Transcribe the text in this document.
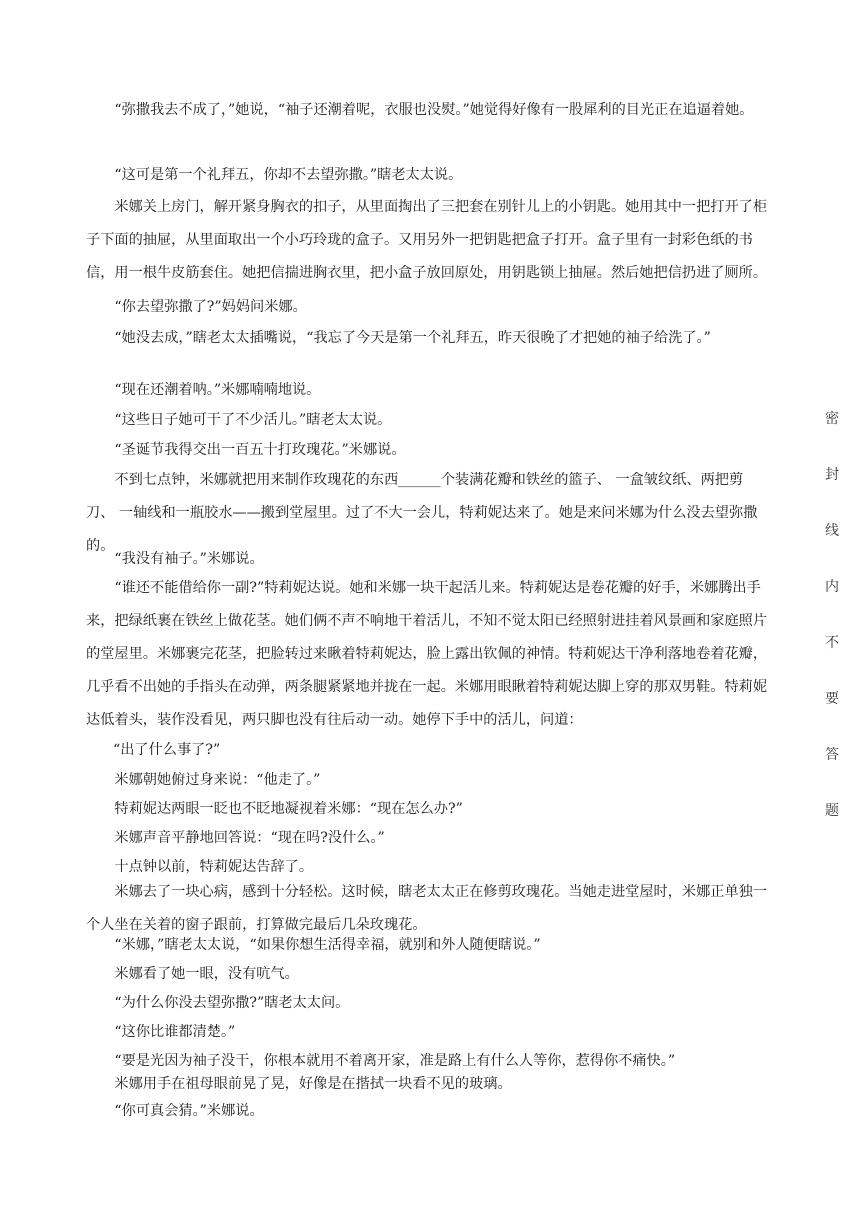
“弥撒我去不成了，”她说，“袖子还潮着呢，衣服也没熨。”她觉得好像有一股犀利的目光正在追逼着她。

“这可是第一个礼拜五，你却不去望弥撒。”瞎老太太说。

米娜关上房门，解开紧身胸衣的扣子，从里面掏出了三把套在别针儿上的小钥匙。她用其中一把打开了柜子下面的抽屉，从里面取出一个小巧玲珑的盒子。又用另外一把钥匙把盒子打开。盒子里有一封彩色纸的书信，用一根牛皮筋套住。她把信揣进胸衣里，把小盒子放回原处，用钥匙锁上抽屉。然后她把信扔进了厕所。

“你去望弥撒了?”妈妈问米娜。

“她没去成，”瞎老太太插嘴说，“我忘了今天是第一个礼拜五，昨天很晚了才把她的袖子给洗了。”

“现在还潮着呐。”米娜喃喃地说。

“这些日子她可干了不少活儿。”瞎老太太说。

“圣诞节我得交出一百五十打玫瑰花。”米娜说。

不到七点钟，米娜就把用来制作玫瑰花的东西______个装满花瓣和铁丝的篮子、 一盒皱纹纸、两把剪刀、 一轴线和一瓶胶水——搬到堂屋里。过了不大一会儿，特莉妮达来了。她是来问米娜为什么没去望弥撒的。

“我没有袖子。”米娜说。

“谁还不能借给你一副?”特莉妮达说。她和米娜一块干起活儿来。特莉妮达是卷花瓣的好手，米娜腾出手来，把绿纸裹在铁丝上做花茎。她们俩不声不响地干着活儿，不知不觉太阳已经照射进挂着风景画和家庭照片的堂屋里。米娜裹完花茎，把脸转过来瞅着特莉妮达，脸上露出钦佩的神情。特莉妮达干净利落地卷着花瓣，几乎看不出她的手指头在动弹，两条腿紧紧地并拢在一起。米娜用眼瞅着特莉妮达脚上穿的那双男鞋。特莉妮达低着头，装作没看见，两只脚也没有往后动一动。她停下手中的活儿，问道：

“出了什么事了?”

米娜朝她俯过身来说：“他走了。”

特莉妮达两眼一眨也不眨地凝视着米娜：“现在怎么办?”

米娜声音平静地回答说：“现在吗?没什么。”

十点钟以前，特莉妮达告辞了。

米娜去了一块心病，感到十分轻松。这时候，瞎老太太正在修剪玫瑰花。当她走进堂屋时，米娜正单独一个人坐在关着的窗子跟前，打算做完最后几朵玫瑰花。

“米娜，”瞎老太太说，“如果你想生活得幸福，就别和外人随便瞎说。”

米娜看了她一眼，没有吭气。

“为什么你没去望弥撒?”瞎老太太问。

“这你比谁都清楚。”

“要是光因为袖子没干，你根本就用不着离开家，准是路上有什么人等你，惹得你不痛快。”

米娜用手在祖母眼前晃了晃，好像是在揩拭一块看不见的玻璃。

“你可真会猜。”米娜说。

密
封
线
内
不
要
答
题
